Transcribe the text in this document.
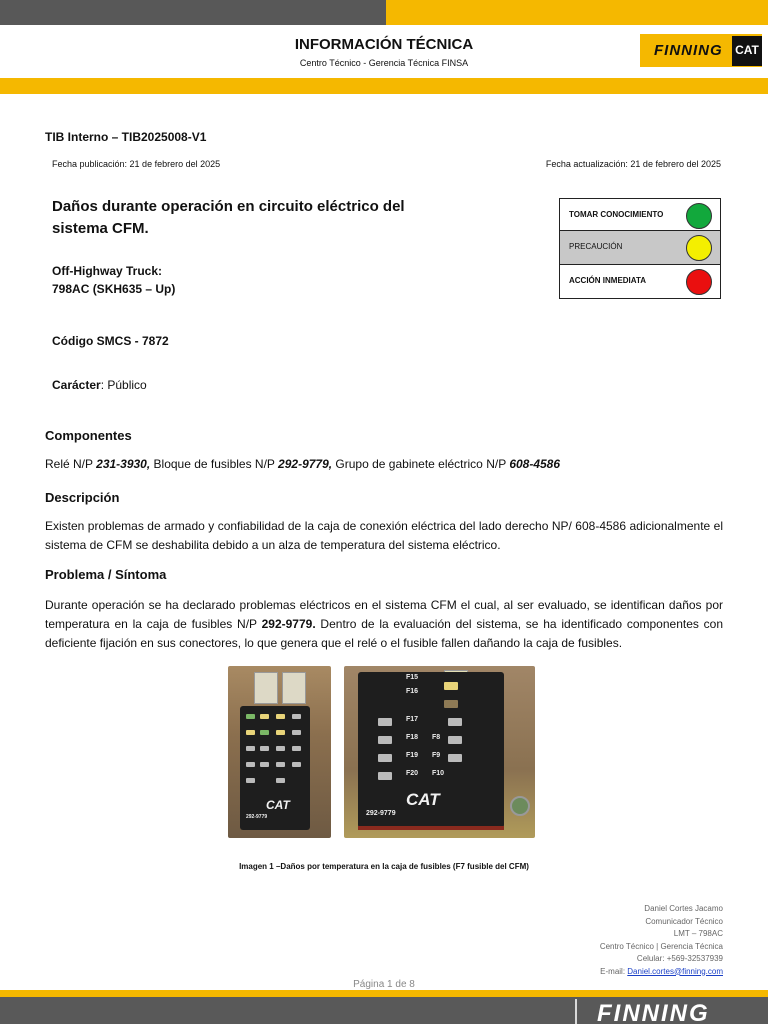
INFORMACIÓN TÉCNICA
Centro Técnico - Gerencia Técnica FINSA
FINNING CAT
TIB Interno – TIB2025008-V1
Fecha publicación: 21 de febrero del 2025	Fecha actualización: 21 de febrero del 2025
Daños durante operación en circuito eléctrico del sistema CFM.
Off-Highway Truck:
798AC (SKH635 – Up)
Código SMCS - 7872
Carácter: Público
TOMAR CONOCIMIENTO
PRECAUCIÓN
ACCIÓN INMEDIATA
Componentes
Relé N/P 231-3930, Bloque de fusibles N/P 292-9779, Grupo de gabinete eléctrico N/P 608-4586
Descripción
Existen problemas de armado y confiabilidad de la caja de conexión eléctrica del lado derecho NP/ 608-4586 adicionalmente el sistema de CFM se deshabilita debido a un alza de temperatura del sistema eléctrico.
Problema / Síntoma
Durante operación se ha declarado problemas eléctricos en el sistema CFM el cual, al ser evaluado, se identifican daños por temperatura en la caja de fusibles N/P 292-9779. Dentro de la evaluación del sistema, se ha identificado componentes con deficiente fijación en sus conectores, lo que genera que el relé o el fusible fallen dañando la caja de fusibles.
CAT
292-9779
F15
F16
F17
F18
F19
F20
F8
F9
F10
CAT
292-9779
Imagen 1 –Daños por temperatura en la caja de fusibles (F7 fusible del CFM)
Daniel Cortes Jacamo
Comunicador Técnico
LMT – 798AC
Centro Técnico | Gerencia Técnica
Celular: +569-32537939
E-mail: Daniel.cortes@finning.com
Página 1 de 8
FINNING
